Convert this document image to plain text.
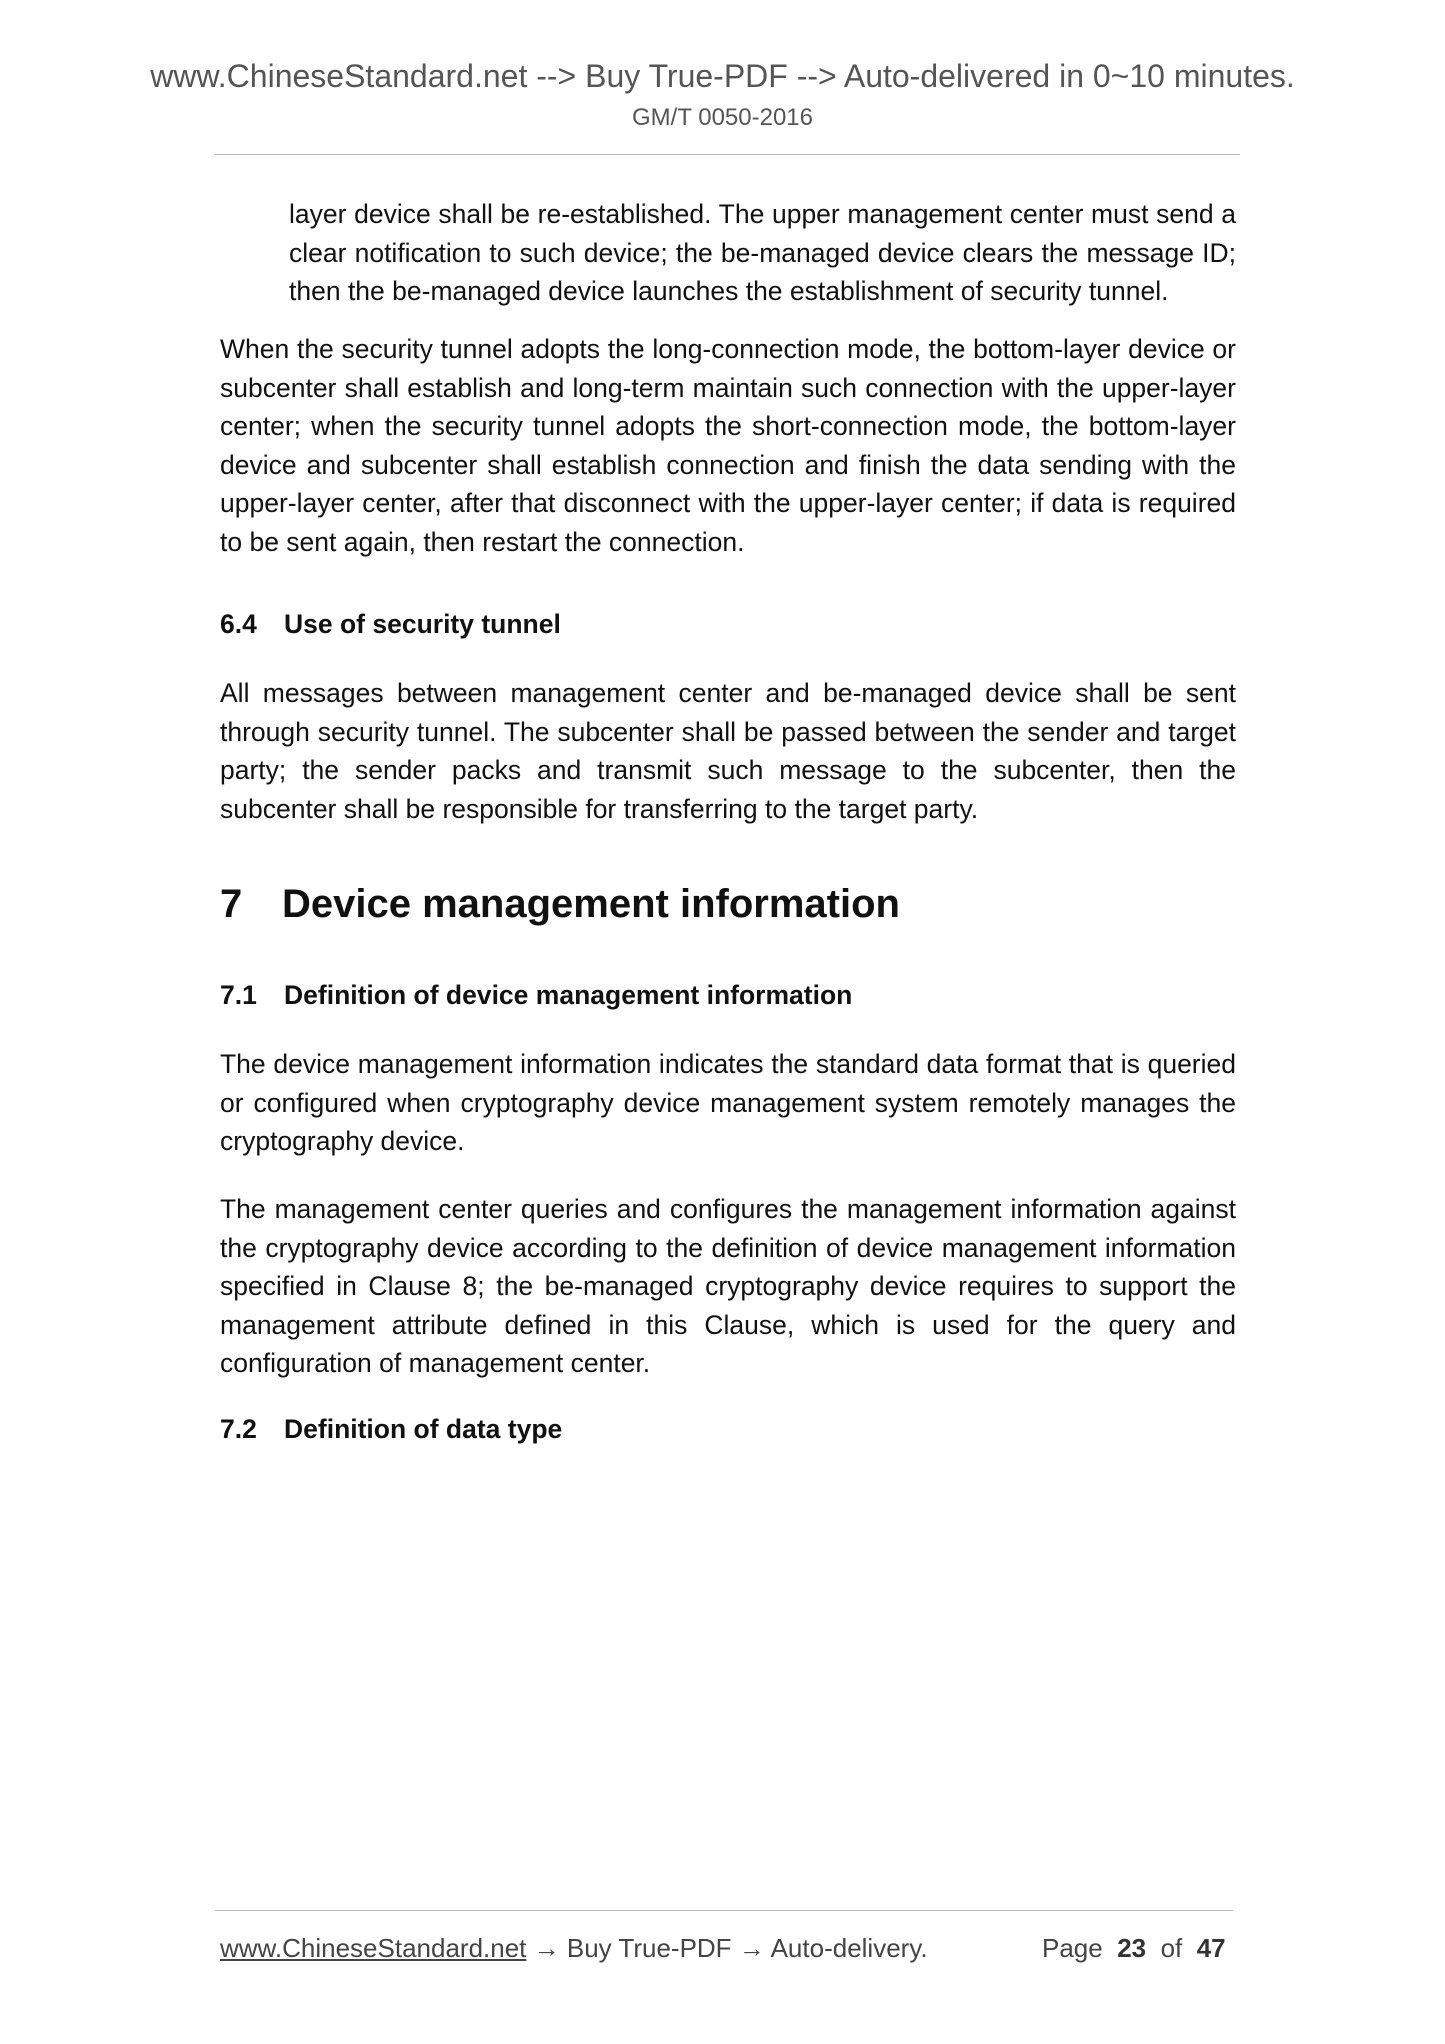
www.ChineseStandard.net --> Buy True-PDF --> Auto-delivered in 0~10 minutes.
GM/T 0050-2016

layer device shall be re-established. The upper management center must send a clear notification to such device; the be-managed device clears the message ID; then the be-managed device launches the establishment of security tunnel.

When the security tunnel adopts the long-connection mode, the bottom-layer device or subcenter shall establish and long-term maintain such connection with the upper-layer center; when the security tunnel adopts the short-connection mode, the bottom-layer device and subcenter shall establish connection and finish the data sending with the upper-layer center, after that disconnect with the upper-layer center; if data is required to be sent again, then restart the connection.

6.4 Use of security tunnel

All messages between management center and be-managed device shall be sent through security tunnel. The subcenter shall be passed between the sender and target party; the sender packs and transmit such message to the subcenter, then the subcenter shall be responsible for transferring to the target party.

7 Device management information
7.1 Definition of device management information

The device management information indicates the standard data format that is queried or configured when cryptography device management system remotely manages the cryptography device.

The management center queries and configures the management information against the cryptography device according to the definition of device management information specified in Clause 8; the be-managed cryptography device requires to support the management attribute defined in this Clause, which is used for the query and configuration of management center.

7.2 Definition of data type
www.ChineseStandard.net → Buy True-PDF → Auto-delivery.	Page 23 of 47
